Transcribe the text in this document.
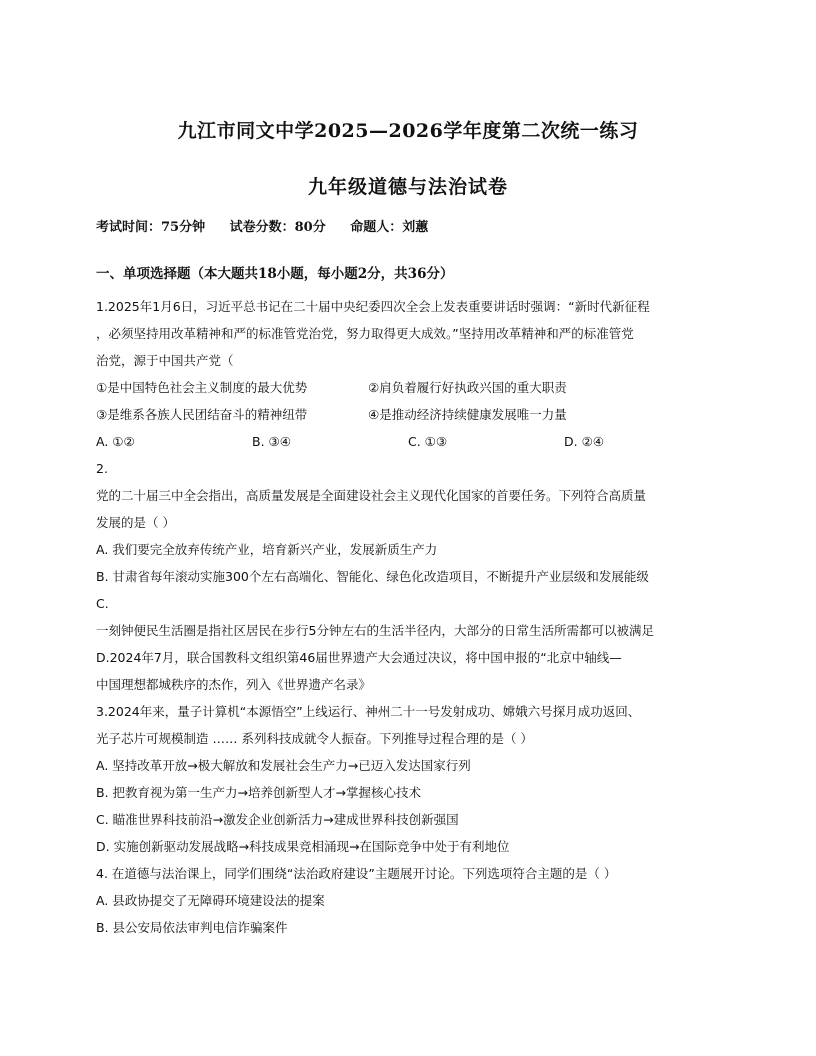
九江市同文中学2025—2026学年度第二次统一练习
九年级道德与法治试卷
考试时间：75分钟 试卷分数：80分 命题人：刘蕙
一、单项选择题（本大题共18小题，每小题2分，共36分）
1.2025年1月6日，习近平总书记在二十届中央纪委四次全会上发表重要讲话时强调：“新时代新征程
，必须坚持用改革精神和严的标准管党治党，努力取得更大成效。”坚持用改革精神和严的标准管党
治党，源于中国共产党（
①是中国特色社会主义制度的最大优势	②肩负着履行好执政兴国的重大职责
③是维系各族人民团结奋斗的精神纽带	④是推动经济持续健康发展唯一力量
A. ①②	B. ③④	C. ①③	D. ②④
2.
党的二十届三中全会指出，高质量发展是全面建设社会主义现代化国家的首要任务。下列符合高质量
发展的是（ ）
A. 我们要完全放弃传统产业，培育新兴产业，发展新质生产力
B. 甘肃省每年滚动实施300个左右高端化、智能化、绿色化改造项目，不断提升产业层级和发展能级
C.
一刻钟便民生活圈是指社区居民在步行5分钟左右的生活半径内，大部分的日常生活所需都可以被满足
D.2024年7月，联合国教科文组织第46届世界遗产大会通过决议，将中国申报的“北京中轴线—
中国理想都城秩序的杰作，列入《世界遗产名录》
3.2024年来，量子计算机“本源悟空”上线运行、神州二十一号发射成功、嫦娥六号探月成功返回、
光子芯片可规模制造 …… 系列科技成就令人振奋。下列推导过程合理的是（ ）
A. 坚持改革开放→极大解放和发展社会生产力→已迈入发达国家行列
B. 把教育视为第一生产力→培养创新型人才→掌握核心技术
C. 瞄准世界科技前沿→激发企业创新活力→建成世界科技创新强国
D. 实施创新驱动发展战略→科技成果竞相涌现→在国际竞争中处于有利地位
4. 在道德与法治课上，同学们围绕“法治政府建设”主题展开讨论。下列选项符合主题的是（ ）
A. 县政协提交了无障碍环境建设法的提案
B. 县公安局依法审判电信诈骗案件
